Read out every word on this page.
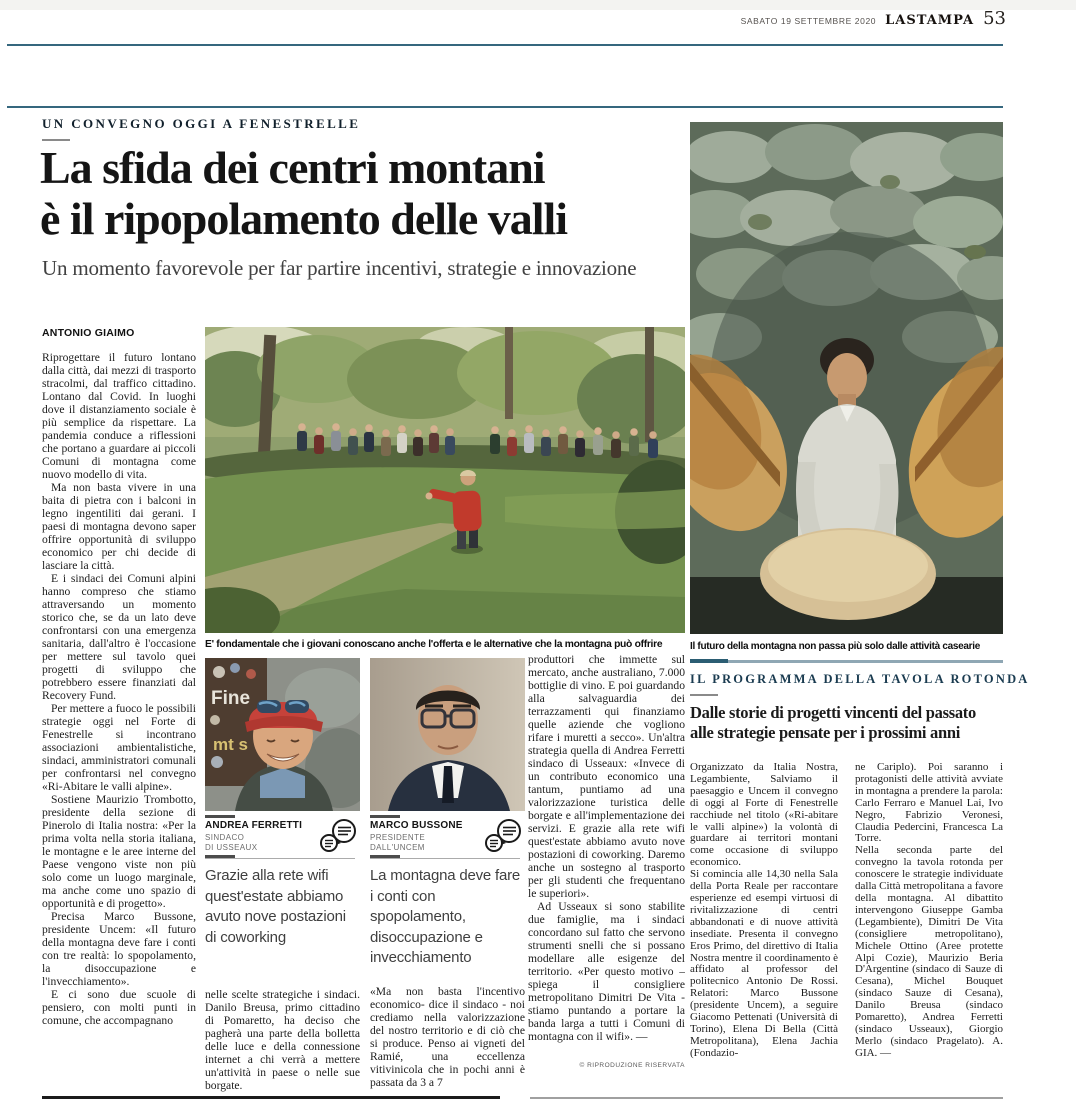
SABATO 19 SETTEMBRE 2020 LASTAMPA 53
UN CONVEGNO OGGI A FENESTRELLE
La sfida dei centri montani
è il ripopolamento delle valli
Un momento favorevole per far partire incentivi, strategie e innovazione
ANTONIO GIAIMO

Riprogettare il futuro lontano dalla città, dai mezzi di trasporto stracolmi, dal traffico cittadino. Lontano dal Covid. In luoghi dove il distanziamento sociale è più semplice da rispettare. La pandemia conduce a riflessioni che portano a guardare ai piccoli Comuni di montagna come nuovo modello di vita.

Ma non basta vivere in una baita di pietra con i balconi in legno ingentiliti dai gerani. I paesi di montagna devono saper offrire opportunità di sviluppo economico per chi decide di lasciare la città.

E i sindaci dei Comuni alpini hanno compreso che stiamo attraversando un momento storico che, se da un lato deve confrontarsi con una emergenza sanitaria, dall'altro è l'occasione per mettere sul tavolo quei progetti di sviluppo che potrebbero essere finanziati dal Recovery Fund.

Per mettere a fuoco le possibili strategie oggi nel Forte di Fenestrelle si incontrano associazioni ambientalistiche, sindaci, amministratori comunali per confrontarsi nel convegno «Ri-Abitare le valli alpine».

Sostiene Maurizio Trombotto, presidente della sezione di Pinerolo di Italia nostra: «Per la prima volta nella storia italiana, le montagne e le aree interne del Paese vengono viste non più solo come un luogo marginale, ma anche come uno spazio di opportunità e di progetto».

Precisa Marco Bussone, presidente Uncem: «Il futuro della montagna deve fare i conti con tre realtà: lo spopolamento, la disoccupazione e l'invecchiamento».

E ci sono due scuole di pensiero, con molti punti in comune, che accompagnano

E' fondamentale che i giovani conoscano anche l'offerta e le alternative che la montagna può offrire	Il futuro della montagna non passa più solo dalle attività casearie
Fine
mt s

produttori che immette sul mercato, anche australiano, 7.000 bottiglie di vino. E poi guardando alla salvaguardia dei terrazzamenti qui finanziamo quelle aziende che vogliono rifare i muretti a secco». Un'altra strategia quella di Andrea Ferretti sindaco di Usseaux: «Invece di un contributo economico una tantum, puntiamo ad una valorizzazione turistica delle borgate e all'implementazione dei servizi. E grazie alla rete wifi quest'estate abbiamo avuto nove postazioni di coworking. Daremo anche un sostegno al trasporto per gli studenti che frequentano le superiori».

Ad Usseaux si sono stabilite due famiglie, ma i sindaci concordano sul fatto che servono strumenti snelli che si possano modellare alle esigenze del territorio. «Per questo motivo – spiega il consigliere metropolitano Dimitri De Vita - stiamo puntando a portare la banda larga a tutti i Comuni di montagna con il wifi». —

© RIPRODUZIONE RISERVATA
ANDREA FERRETTI
SINDACO
DI USSEAUX
Grazie alla rete wifi quest'estate abbiamo avuto nove postazioni di coworking

nelle scelte strategiche i sindaci. Danilo Breusa, primo cittadino di Pomaretto, ha deciso che pagherà una parte della bolletta delle luce e della connessione internet a chi verrà a mettere un'attività in paese o nelle sue borgate.

MARCO BUSSONE
PRESIDENTE
DALL'UNCEM
La montagna deve fare i conti con spopolamento, disoccupazione e invecchiamento

«Ma non basta l'incentivo economico- dice il sindaco - noi crediamo nella valorizzazione del nostro territorio e di ciò che si produce. Penso ai vigneti del Ramié, una eccellenza vitivinicola che in pochi anni è passata da 3 a 7

IL PROGRAMMA DELLA TAVOLA ROTONDA
Dalle storie di progetti vincenti del passato
alle strategie pensate per i prossimi anni

Organizzato da Italia Nostra, Legambiente, Salviamo il paesaggio e Uncem il convegno di oggi al Forte di Fenestrelle racchiude nel titolo («Ri-abitare le valli alpine») la volontà di guardare ai territori montani come occasione di sviluppo economico.

Si comincia alle 14,30 nella Sala della Porta Reale per raccontare esperienze ed esempi virtuosi di rivitalizzazione di centri abbandonati e di nuove attività insediate. Presenta il convegno Eros Primo, del direttivo di Italia Nostra mentre il coordinamento è affidato al professor del politecnico Antonio De Rossi. Relatori: Marco Bussone (presidente Uncem), a seguire Giacomo Pettenati (Università di Torino), Elena Di Bella (Città Metropolitana), Elena Jachia (Fondazio-

ne Cariplo). Poi saranno i protagonisti delle attività avviate in montagna a prendere la parola: Carlo Ferraro e Manuel Lai, Ivo Negro, Fabrizio Veronesi, Claudia Pedercini, Francesca La Torre.

Nella seconda parte del convegno la tavola rotonda per conoscere le strategie individuate dalla Città metropolitana a favore della montagna. Al dibattito intervengono Giuseppe Gamba (Legambiente), Dimitri De Vita (consigliere metropolitano), Michele Ottino (Aree protette Alpi Cozie), Maurizio Beria D'Argentine (sindaco di Sauze di Cesana), Michel Bouquet (sindaco Sauze di Cesana), Danilo Breusa (sindaco Pomaretto), Andrea Ferretti (sindaco Usseaux), Giorgio Merlo (sindaco Pragelato). A. GIA. —
